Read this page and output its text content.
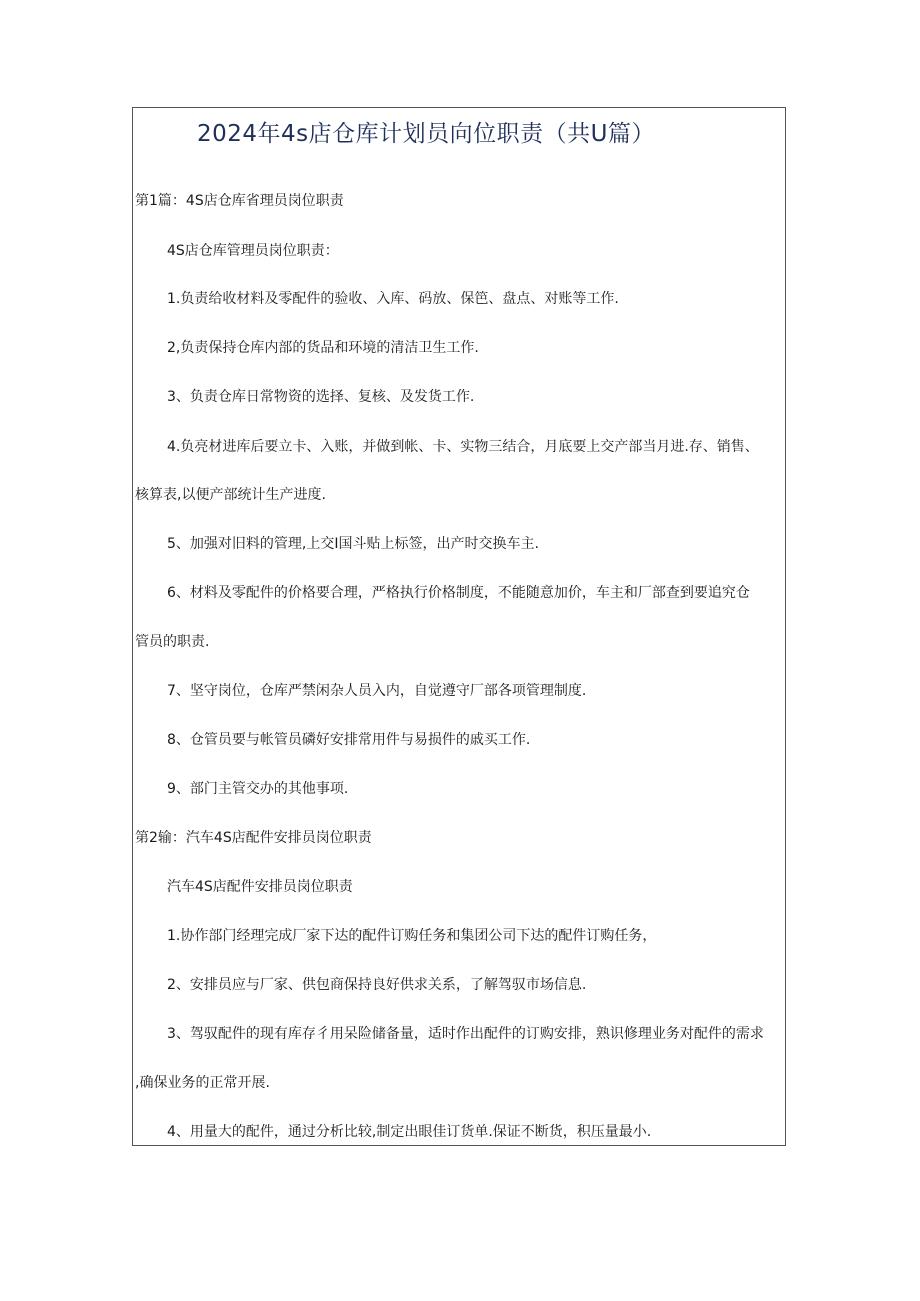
2024年4s店仓库计划员向位职责（共U篇）
第1篇：4S店仓库省理员岗位职责
4S店仓库管理员岗位职责：
1.负责给收材料及零配件的验收、入库、码放、保笆、盘点、对账等工作.
2,负责保持仓库内部的货品和环境的清洁卫生工作.
3、负责仓库日常物资的选择、复核、及发货工作.
4.负亮材进库后要立卡、入账，并做到帐、卡、实物三结合，月底要上交产部当月进.存、销售、
核算表,以便产部统计生产进度.
5、加强对旧料的管理,上交I国斗贴上标签，出产时交换车主.
6、材料及零配件的价格要合理，严格执行价格制度，不能随意加价，车主和厂部查到要追究仓
管员的职责.
7、坚守岗位，仓库严禁闲杂人员入内，自觉遵守厂部各项管理制度.
8、仓管员要与帐管员磷好安排常用件与易损件的戚买工作.
9、部门主管交办的其他事项.
第2输：汽车4S店配件安排员岗位职责
汽车4S店配件安排员岗位职责
1.协作部门经理完成厂家下达的配件订购任务和集团公司下达的配件订购任务，
2、安排员应与厂家、供包商保持良好供求关系，了解驾驭市场信息.
3、驾驭配件的现有库存彳用呆险储备量，适时作出配件的订购安排，熟识修理业务对配件的需求
,确保业务的正常开展.
4、用量大的配件，通过分析比较,制定出眼佳订货单.保证不断货，积压量最小.
